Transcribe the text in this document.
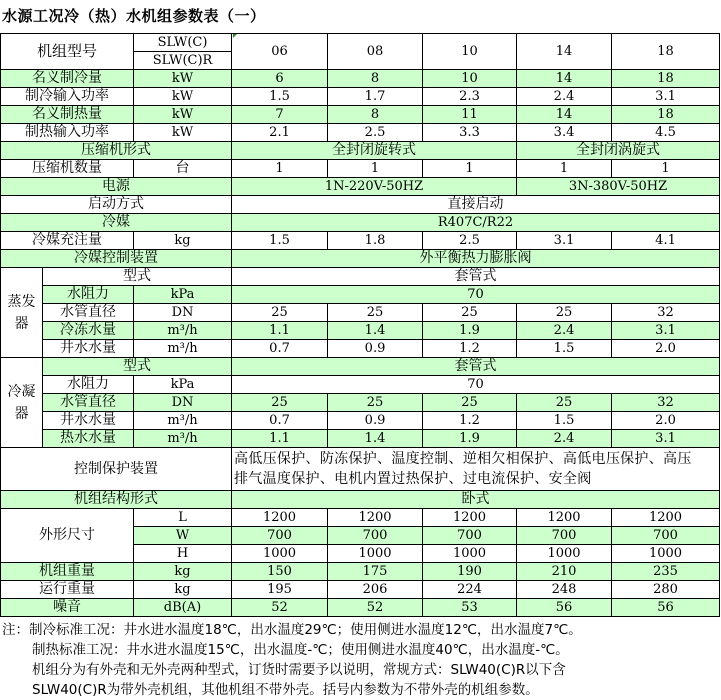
水源工况冷（热）水机组参数表（一）
机组型号		SLW(C)	06	08	10	14	18
		SLW(C)R					
名义制冷量		kW	6	8	10	14	18
制冷输入功率		kW	1.5	1.7	2.3	2.4	3.1
名义制热量		kW	7	8	11	14	18
制热输入功率		kW	2.1	2.5	3.3	3.4	4.5
压缩机形式			全封闭旋转式			全封闭涡旋式	
压缩机数量		台	1	1	1	1	1
电源			1N-220V-50HZ			3N-380V-50HZ	
启动方式			直接启动				
冷媒			R407C/R22				
冷媒充注量		kg	1.5	1.8	2.5	3.1	4.1
冷媒控制装置			外平衡热力膨胀阀				
蒸发器	型式		套管式				
	水阻力	kPa	70				
	水管直径	DN	25	25	25	25	32
	冷冻水量	m³/h	1.1	1.4	1.9	2.4	3.1
	井水水量	m³/h	0.7	0.9	1.2	1.5	2.0
冷凝器	型式		套管式				
	水阻力	kPa	70				
	水管直径	DN	25	25	25	25	32
	井水水量	m³/h	0.7	0.9	1.2	1.5	2.0
	热水水量	m³/h	1.1	1.4	1.9	2.4	3.1
控制保护装置			高低压保护、防冻保护、温度控制、逆相欠相保护、高低电压保护、高压
排气温度保护、电机内置过热保护、过电流保护、安全阀				

机组结构形式			卧式				
外形尺寸		L	1200	1200	1200	1200	1200
		W	700	700	700	700	700
		H	1000	1000	1000	1000	1000
机组重量		kg	150	175	190	210	235
运行重量		kg	195	206	224	248	280
噪音		dB(A)	52	52	53	56	56
注：制冷标准工况：井水进水温度18℃，出水温度29℃；使用侧进水温度12℃，出水温度7℃。
制热标准工况：井水进水温度15℃，出水温度-℃；使用侧进水温度40℃，出水温度-℃。
机组分为有外壳和无外壳两种型式，订货时需要予以说明，常规方式：SLW40(C)R以下含
SLW40(C)R为带外壳机组，其他机组不带外壳。括号内参数为不带外壳的机组参数。
